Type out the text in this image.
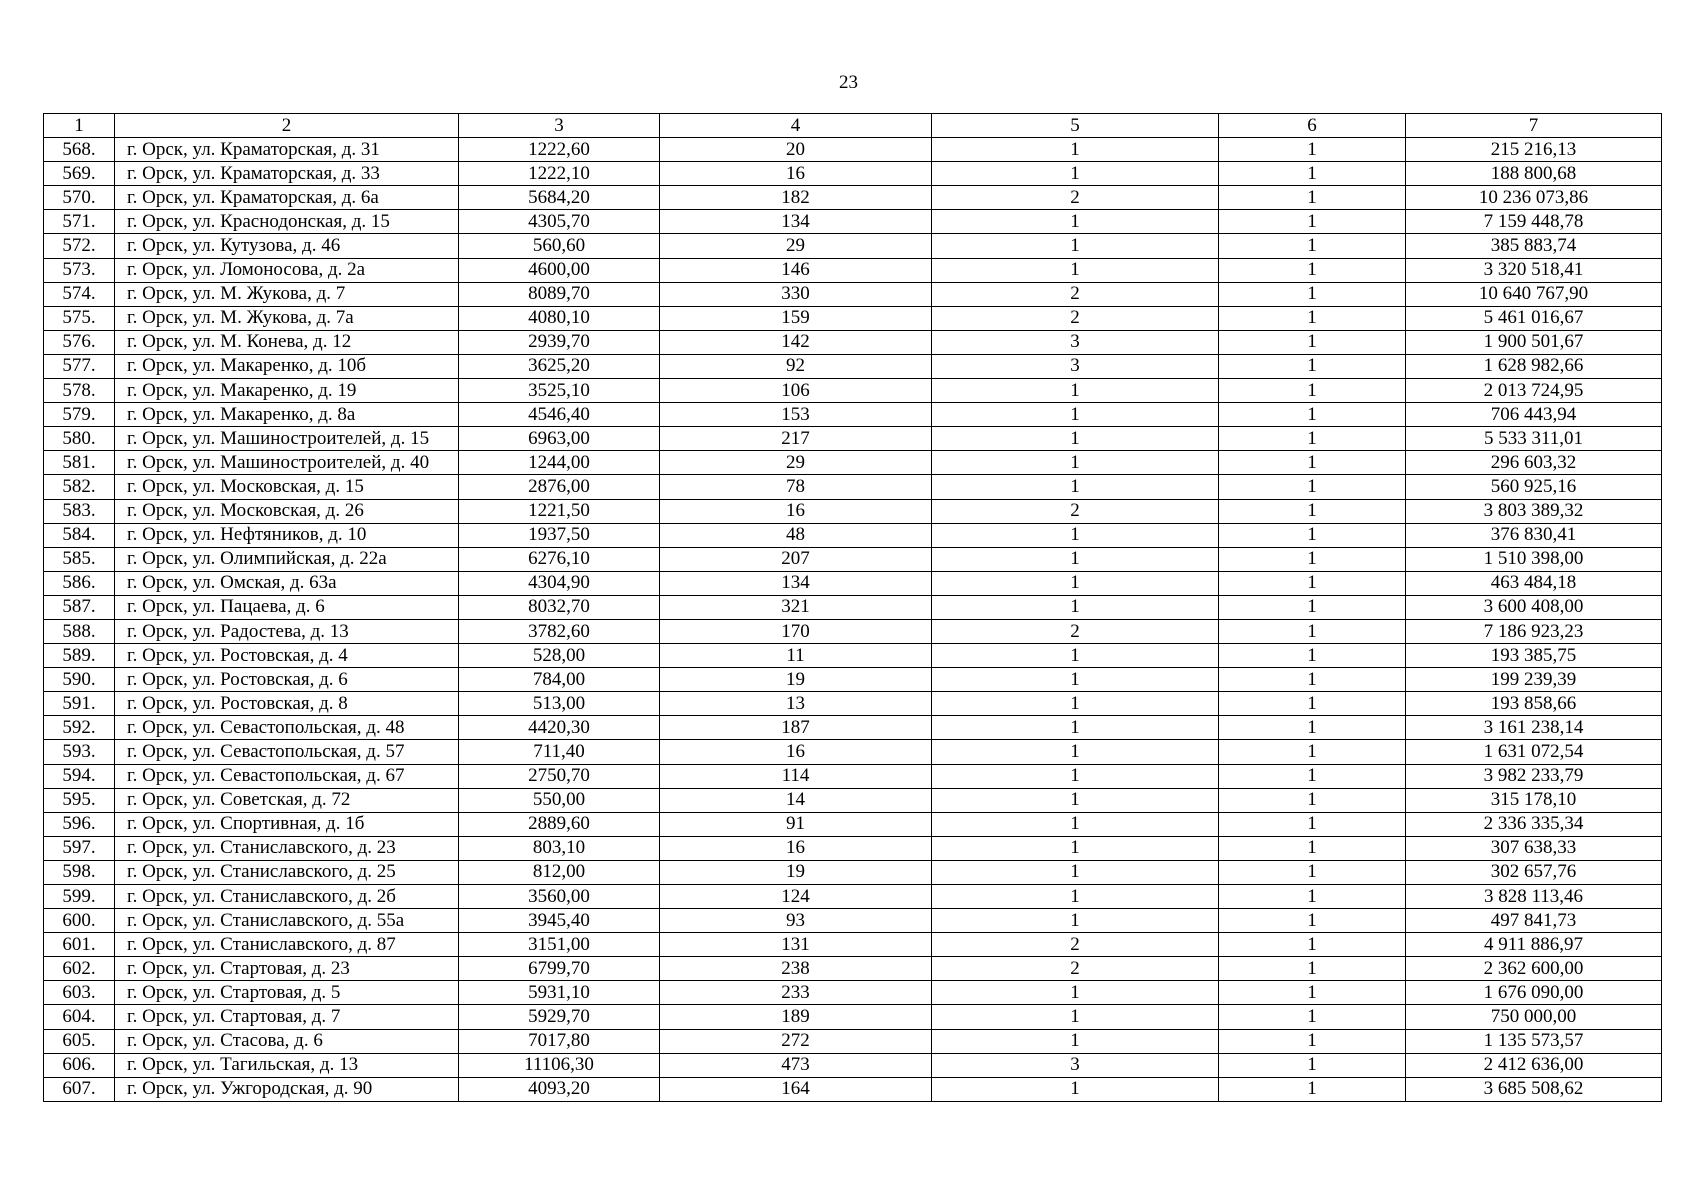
23
1	2	3	4	5	6	7
568.	г. Орск, ул. Краматорская, д. 31	1222,60	20	1	1	215 216,13
569.	г. Орск, ул. Краматорская, д. 33	1222,10	16	1	1	188 800,68
570.	г. Орск, ул. Краматорская, д. 6а	5684,20	182	2	1	10 236 073,86
571.	г. Орск, ул. Краснодонская, д. 15	4305,70	134	1	1	7 159 448,78
572.	г. Орск, ул. Кутузова, д. 46	560,60	29	1	1	385 883,74
573.	г. Орск, ул. Ломоносова, д. 2а	4600,00	146	1	1	3 320 518,41
574.	г. Орск, ул. М. Жукова, д. 7	8089,70	330	2	1	10 640 767,90
575.	г. Орск, ул. М. Жукова, д. 7а	4080,10	159	2	1	5 461 016,67
576.	г. Орск, ул. М. Конева, д. 12	2939,70	142	3	1	1 900 501,67
577.	г. Орск, ул. Макаренко, д. 10б	3625,20	92	3	1	1 628 982,66
578.	г. Орск, ул. Макаренко, д. 19	3525,10	106	1	1	2 013 724,95
579.	г. Орск, ул. Макаренко, д. 8а	4546,40	153	1	1	706 443,94
580.	г. Орск, ул. Машиностроителей, д. 15	6963,00	217	1	1	5 533 311,01
581.	г. Орск, ул. Машиностроителей, д. 40	1244,00	29	1	1	296 603,32
582.	г. Орск, ул. Московская, д. 15	2876,00	78	1	1	560 925,16
583.	г. Орск, ул. Московская, д. 26	1221,50	16	2	1	3 803 389,32
584.	г. Орск, ул. Нефтяников, д. 10	1937,50	48	1	1	376 830,41
585.	г. Орск, ул. Олимпийская, д. 22а	6276,10	207	1	1	1 510 398,00
586.	г. Орск, ул. Омская, д. 63а	4304,90	134	1	1	463 484,18
587.	г. Орск, ул. Пацаева, д. 6	8032,70	321	1	1	3 600 408,00
588.	г. Орск, ул. Радостева, д. 13	3782,60	170	2	1	7 186 923,23
589.	г. Орск, ул. Ростовская, д. 4	528,00	11	1	1	193 385,75
590.	г. Орск, ул. Ростовская, д. 6	784,00	19	1	1	199 239,39
591.	г. Орск, ул. Ростовская, д. 8	513,00	13	1	1	193 858,66
592.	г. Орск, ул. Севастопольская, д. 48	4420,30	187	1	1	3 161 238,14
593.	г. Орск, ул. Севастопольская, д. 57	711,40	16	1	1	1 631 072,54
594.	г. Орск, ул. Севастопольская, д. 67	2750,70	114	1	1	3 982 233,79
595.	г. Орск, ул. Советская, д. 72	550,00	14	1	1	315 178,10
596.	г. Орск, ул. Спортивная, д. 1б	2889,60	91	1	1	2 336 335,34
597.	г. Орск, ул. Станиславского, д. 23	803,10	16	1	1	307 638,33
598.	г. Орск, ул. Станиславского, д. 25	812,00	19	1	1	302 657,76
599.	г. Орск, ул. Станиславского, д. 2б	3560,00	124	1	1	3 828 113,46
600.	г. Орск, ул. Станиславского, д. 55а	3945,40	93	1	1	497 841,73
601.	г. Орск, ул. Станиславского, д. 87	3151,00	131	2	1	4 911 886,97
602.	г. Орск, ул. Стартовая, д. 23	6799,70	238	2	1	2 362 600,00
603.	г. Орск, ул. Стартовая, д. 5	5931,10	233	1	1	1 676 090,00
604.	г. Орск, ул. Стартовая, д. 7	5929,70	189	1	1	750 000,00
605.	г. Орск, ул. Стасова, д. 6	7017,80	272	1	1	1 135 573,57
606.	г. Орск, ул. Тагильская, д. 13	11106,30	473	3	1	2 412 636,00
607.	г. Орск, ул. Ужгородская, д. 90	4093,20	164	1	1	3 685 508,62
